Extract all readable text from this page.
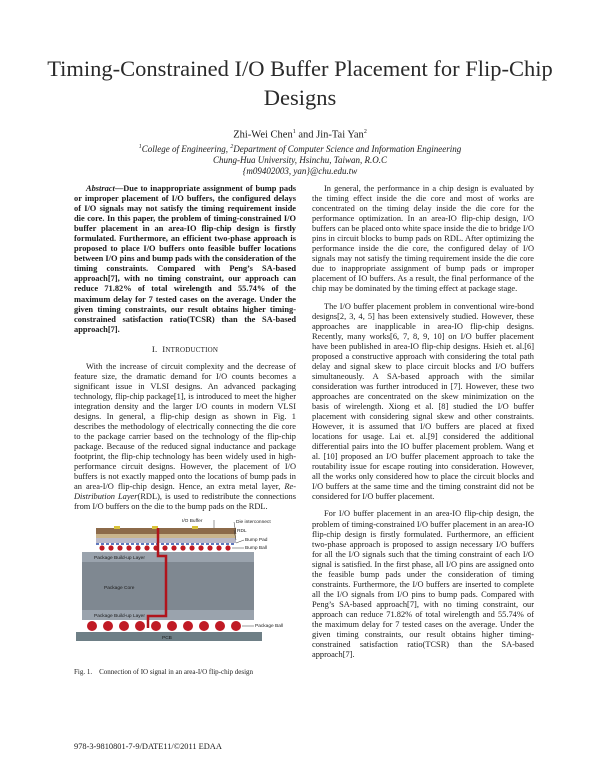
Timing-Constrained I/O Buffer Placement for Flip-Chip Designs
Zhi-Wei Chen$^1$ and Jin-Tai Yan$^2$
$^1$College of Engineering, $^2$Department of Computer Science and Information Engineering
Chung-Hua University, Hsinchu, Taiwan, R.O.C
{m09402003, yan}@chu.edu.tw

Abstract—Due to inappropriate assignment of bump pads or improper placement of I/O buffers, the configured delays of I/O signals may not satisfy the timing requirement inside die core. In this paper, the problem of timing-constrained I/O buffer placement in an area-IO flip-chip design is firstly formulated. Furthermore, an efficient two-phase approach is proposed to place I/O buffers onto feasible buffer locations between I/O pins and bump pads with the consideration of the timing constraints. Compared with Peng’s SA-based approach[7], with no timing constraint, our approach can reduce 71.82% of total wirelength and 55.74% of the maximum delay for 7 tested cases on the average. Under the given timing constraints, our result obtains higher timing-constrained satisfaction ratio(TCSR) than the SA-based approach[7].

I. INTRODUCTION

With the increase of circuit complexity and the decrease of feature size, the dramatic demand for I/O counts becomes a significant issue in VLSI designs. An advanced packaging technology, flip-chip package[1], is introduced to meet the higher integration density and the larger I/O counts in modern VLSI designs. In general, a flip-chip design as shown in Fig. 1 describes the methodology of electrically connecting the die core to the package carrier based on the technology of the flip-chip package. Because of the reduced signal inductance and package footprint, the flip-chip technology has been widely used in high-performance circuit designs. However, the placement of I/O buffers is not exactly mapped onto the locations of bump pads in an area-I/O flip-chip design. Hence, an extra metal layer, Re-Distribution Layer(RDL), is used to redistribute the connections from I/O buffers on the die to the bump pads on the RDL.

I/O Buffer	Die interconnect
RDL
Bump Pad
Bump Ball
Package Build-up Layer
Package Core
Package Build-up Layer
Package Ball
PCB
Fig. 1. Connection of IO signal in an area-I/O flip-chip design

In general, the performance in a chip design is evaluated by the timing effect inside the die core and most of works are concentrated on the timing delay inside the die core for the performance optimization. In an area-IO flip-chip design, I/O buffers can be placed onto white space inside the die to bridge I/O pins in circuit blocks to bump pads on RDL. After optimizing the performance inside the die core, the configured delay of I/O signals may not satisfy the timing requirement inside the die core due to inappropriate assignment of bump pads or improper placement of IO buffers. As a result, the final performance of the chip may be dominated by the timing effect at package stage.

The I/O buffer placement problem in conventional wire-bond designs[2, 3, 4, 5] has been extensively studied. However, these approaches are inapplicable in area-IO flip-chip designs. Recently, many works[6, 7, 8, 9, 10] on I/O buffer placement have been published in area-IO flip-chip designs. Hsieh et. al.[6] proposed a constructive approach with considering the total path delay and signal skew to place circuit blocks and I/O buffers simultaneously. A SA-based approach with the similar consideration was further introduced in [7]. However, these two approaches are concentrated on the skew minimization on the basis of wirelength. Xiong et al. [8] studied the I/O buffer placement with considering signal skew and other constraints. However, it is assumed that I/O buffers are placed at fixed locations for usage. Lai et. al.[9] considered the additional differential pairs into the IO buffer placement problem. Wang et al. [10] proposed an I/O buffer placement approach to take the routability issue for escape routing into consideration. However, all the works only considered how to place the circuit blocks and I/O buffers at the same time and the timing constraint did not be considered for I/O buffer placement.

For I/O buffer placement in an area-IO flip-chip design, the problem of timing-constrained I/O buffer placement in an area-IO flip-chip design is firstly formulated. Furthermore, an efficient two-phase approach is proposed to assign necessary I/O buffers for all the I/O signals such that the timing constraint of each I/O signal is satisfied. In the first phase, all I/O pins are assigned onto the feasible bump pads under the consideration of timing constraints. Furthermore, the I/O buffers are inserted to complete all the I/O signals from I/O pins to bump pads. Compared with Peng’s SA-based approach[7], with no timing constraint, our approach can reduce 71.82% of total wirelength and 55.74% of the maximum delay for 7 tested cases on the average. Under the given timing constraints, our result obtains higher timing-constrained satisfaction ratio(TCSR) than the SA-based approach[7].

978-3-9810801-7-9/DATE11/©2011 EDAA
